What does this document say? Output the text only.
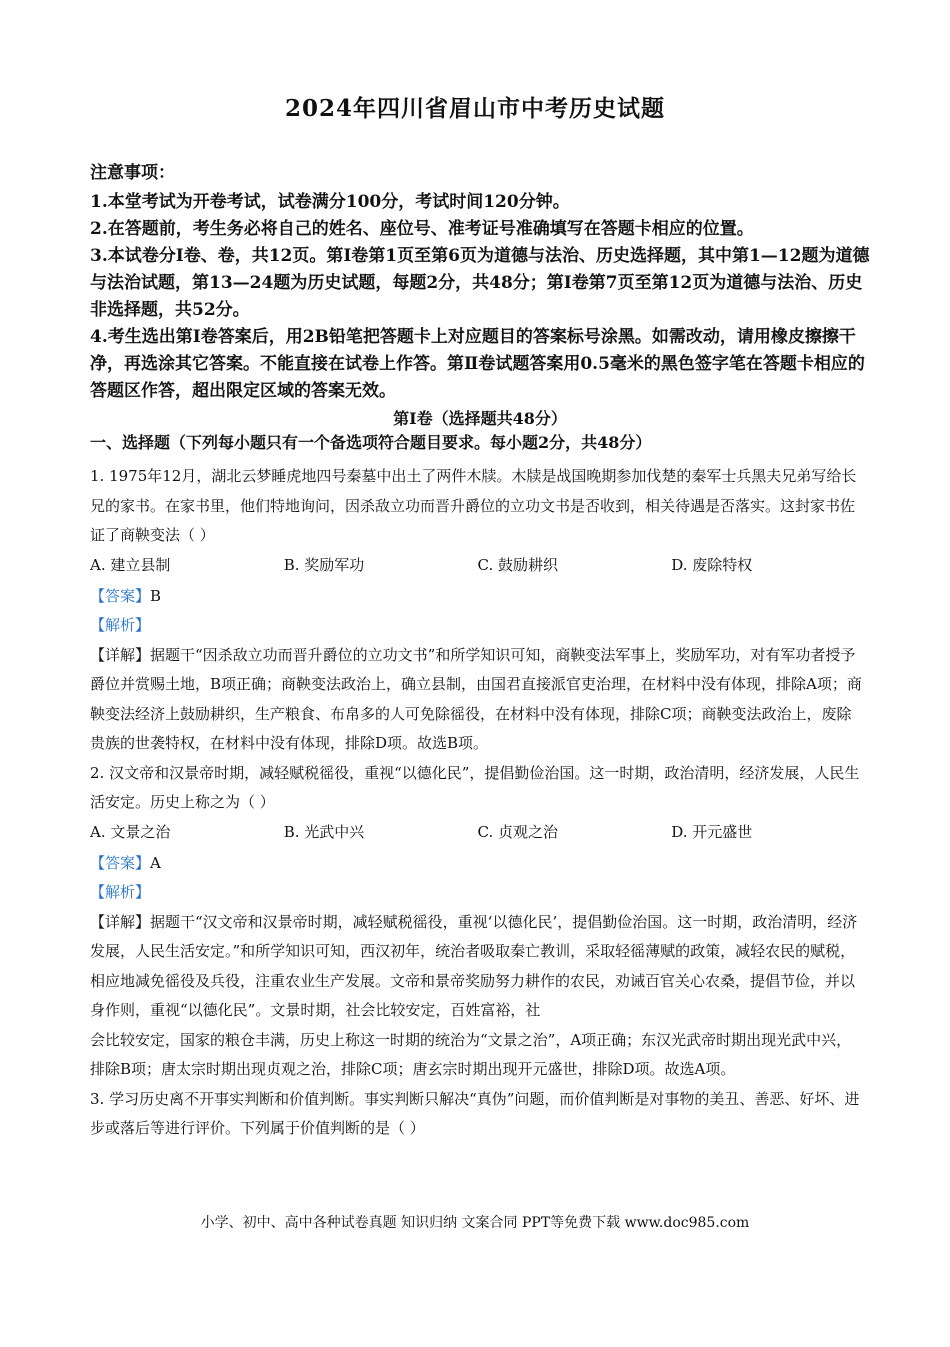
2024年四川省眉山市中考历史试题

注意事项：

1.本堂考试为开卷考试，试卷满分100分，考试时间120分钟。

2.在答题前，考生务必将自己的姓名、座位号、准考证号准确填写在答题卡相应的位置。

3.本试卷分I卷、卷，共12页。第I卷第1页至第6页为道德与法治、历史选择题，其中第1—12题为道德与法治试题，第13—24题为历史试题，每题2分，共48分；第I卷第7页至第12页为道德与法治、历史非选择题，共52分。

4.考生选出第I卷答案后，用2B铅笔把答题卡上对应题目的答案标号涂黑。如需改动，请用橡皮擦擦干净，再选涂其它答案。不能直接在试卷上作答。第Ⅱ卷试题答案用0.5毫米的黑色签字笔在答题卡相应的答题区作答，超出限定区域的答案无效。

第I卷（选择题共48分）
一、选择题（下列每小题只有一个备选项符合题目要求。每小题2分，共48分）

1. 1975年12月，湖北云梦睡虎地四号秦墓中出土了两件木牍。木牍是战国晚期参加伐楚的秦军士兵黑夫兄弟写给长兄的家书。在家书里，他们特地询问，因杀敌立功而晋升爵位的立功文书是否收到，相关待遇是否落实。这封家书佐证了商鞅变法（ ）

A. 建立县制	B. 奖励军功	C. 鼓励耕织	D. 废除特权

【答案】B

【解析】

【详解】据题干“因杀敌立功而晋升爵位的立功文书”和所学知识可知，商鞅变法军事上，奖励军功，对有军功者授予爵位并赏赐土地，B项正确；商鞅变法政治上，确立县制，由国君直接派官吏治理，在材料中没有体现，排除A项；商鞅变法经济上鼓励耕织，生产粮食、布帛多的人可免除徭役，在材料中没有体现，排除C项；商鞅变法政治上，废除贵族的世袭特权，在材料中没有体现，排除D项。故选B项。

2. 汉文帝和汉景帝时期，减轻赋税徭役，重视“以德化民”，提倡勤俭治国。这一时期，政治清明，经济发展，人民生活安定。历史上称之为（ ）

A. 文景之治	B. 光武中兴	C. 贞观之治	D. 开元盛世

【答案】A

【解析】

【详解】据题干“汉文帝和汉景帝时期，减轻赋税徭役，重视‘以德化民’，提倡勤俭治国。这一时期，政治清明，经济发展，人民生活安定。”和所学知识可知，西汉初年，统治者吸取秦亡教训，采取轻徭薄赋的政策，减轻农民的赋税，相应地减免徭役及兵役，注重农业生产发展。文帝和景帝奖励努力耕作的农民，劝诫百官关心农桑，提倡节俭，并以身作则，重视“以德化民”。文景时期，社会比较安定，百姓富裕，社

会比较安定，国家的粮仓丰满，历史上称这一时期的统治为“文景之治”，A项正确；东汉光武帝时期出现光武中兴，排除B项；唐太宗时期出现贞观之治，排除C项；唐玄宗时期出现开元盛世，排除D项。故选A项。

3. 学习历史离不开事实判断和价值判断。事实判断只解决“真伪”问题，而价值判断是对事物的美丑、善恶、好坏、进步或落后等进行评价。下列属于价值判断的是（ ）

小学、初中、高中各种试卷真题 知识归纳 文案合同 PPT等免费下载 www.doc985.com
